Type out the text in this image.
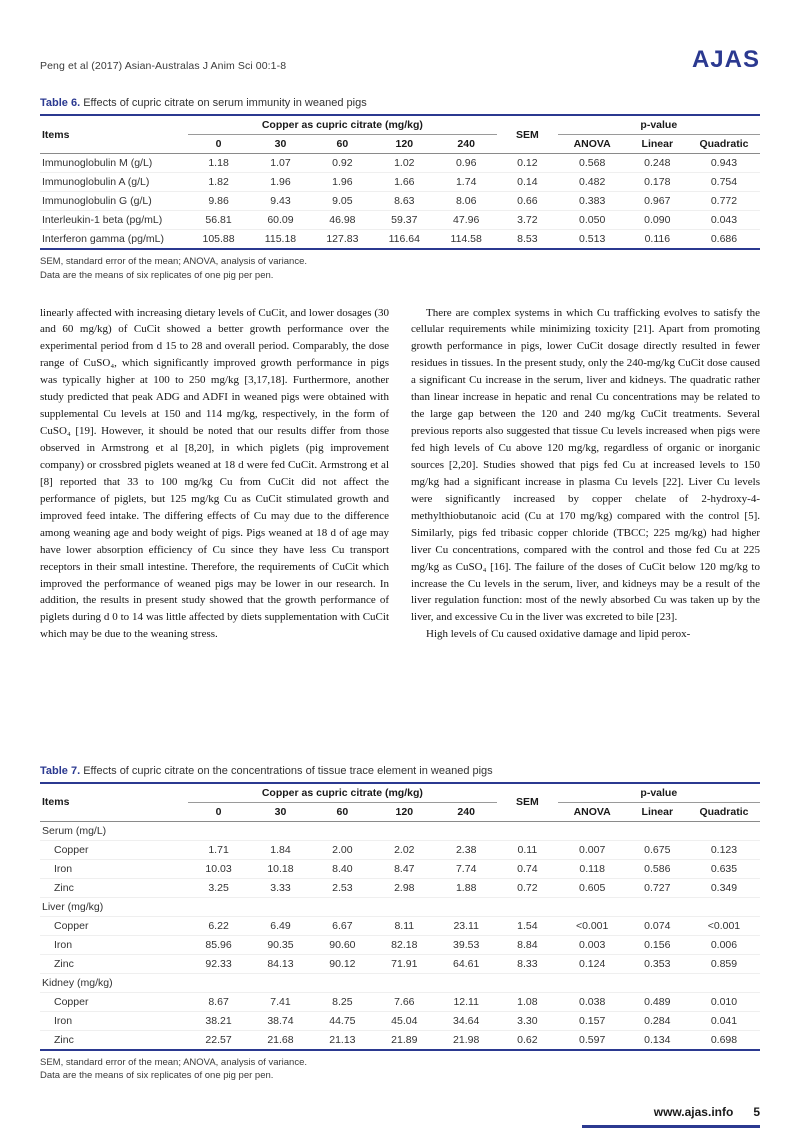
Peng et al (2017) Asian-Australas J Anim Sci 00:1-8	AJAS
Table 6. Effects of cupric citrate on serum immunity in weaned pigs
Items	Copper as cupric citrate (mg/kg)					SEM	p-value		
	0	30	60	120	240		ANOVA	Linear	Quadratic
Immunoglobulin M (g/L)	1.18	1.07	0.92	1.02	0.96	0.12	0.568	0.248	0.943
Immunoglobulin A (g/L)	1.82	1.96	1.96	1.66	1.74	0.14	0.482	0.178	0.754
Immunoglobulin G (g/L)	9.86	9.43	9.05	8.63	8.06	0.66	0.383	0.967	0.772
Interleukin-1 beta (pg/mL)	56.81	60.09	46.98	59.37	47.96	3.72	0.050	0.090	0.043
Interferon gamma (pg/mL)	105.88	115.18	127.83	116.64	114.58	8.53	0.513	0.116	0.686
SEM, standard error of the mean; ANOVA, analysis of variance.
Data are the means of six replicates of one pig per pen.

linearly affected with increasing dietary levels of CuCit, and lower dosages (30 and 60 mg/kg) of CuCit showed a better growth performance over the experimental period from d 15 to 28 and overall period. Comparably, the dose range of CuSO₄, which significantly improved growth performance in pigs was typically higher at 100 to 250 mg/kg [3,17,18]. Furthermore, another study predicted that peak ADG and ADFI in weaned pigs were obtained with supplemental Cu levels at 150 and 114 mg/kg, respectively, in the form of CuSO₄ [19]. However, it should be noted that our results differ from those observed in Armstrong et al [8,20], in which piglets (pig improvement company) or crossbred piglets weaned at 18 d were fed CuCit. Armstrong et al [8] reported that 33 to 100 mg/kg Cu from CuCit did not affect the performance of piglets, but 125 mg/kg Cu as CuCit stimulated growth and improved feed intake. The differing effects of Cu may due to the difference among weaning age and body weight of pigs. Pigs weaned at 18 d of age may have lower absorption efficiency of Cu since they have less Cu transport receptors in their small intestine. Therefore, the requirements of CuCit which improved the performance of weaned pigs may be lower in our research. In addition, the results in present study showed that the growth performance of piglets during d 0 to 14 was little affected by diets supplementation with CuCit which may be due to the weaning stress.

There are complex systems in which Cu trafficking evolves to satisfy the cellular requirements while minimizing toxicity [21]. Apart from promoting growth performance in pigs, lower CuCit dosage directly resulted in fewer residues in tissues. In the present study, only the 240-mg/kg CuCit dose caused a significant Cu increase in the serum, liver and kidneys. The quadratic rather than linear increase in hepatic and renal Cu concentrations may be related to the large gap between the 120 and 240 mg/kg CuCit treatments. Several previous reports also suggested that tissue Cu levels increased when pigs were fed high levels of Cu above 120 mg/kg, regardless of organic or inorganic sources [2,20]. Studies showed that pigs fed Cu at increased levels to 150 mg/kg had a significant increase in plasma Cu levels [22]. Liver Cu levels were significantly increased by copper chelate of 2-hydroxy-4-methylthiobutanoic acid (Cu at 170 mg/kg) compared with the control [5]. Similarly, pigs fed tribasic copper chloride (TBCC; 225 mg/kg) had higher liver Cu concentrations, compared with the control and those fed Cu at 225 mg/kg as CuSO₄ [16]. The failure of the doses of CuCit below 120 mg/kg to increase the Cu levels in the serum, liver, and kidneys may be a result of the liver regulation function: most of the newly absorbed Cu was taken up by the liver, and excessive Cu in the liver was excreted to bile [23].

High levels of Cu caused oxidative damage and lipid perox-

Table 7. Effects of cupric citrate on the concentrations of tissue trace element in weaned pigs
Items	Copper as cupric citrate (mg/kg)					SEM	p-value		
	0	30	60	120	240		ANOVA	Linear	Quadratic
Serum (mg/L)									
Copper	1.71	1.84	2.00	2.02	2.38	0.11	0.007	0.675	0.123
Iron	10.03	10.18	8.40	8.47	7.74	0.74	0.118	0.586	0.635
Zinc	3.25	3.33	2.53	2.98	1.88	0.72	0.605	0.727	0.349
Liver (mg/kg)									
Copper	6.22	6.49	6.67	8.11	23.11	1.54	<0.001	0.074	<0.001
Iron	85.96	90.35	90.60	82.18	39.53	8.84	0.003	0.156	0.006
Zinc	92.33	84.13	90.12	71.91	64.61	8.33	0.124	0.353	0.859
Kidney (mg/kg)									
Copper	8.67	7.41	8.25	7.66	12.11	1.08	0.038	0.489	0.010
Iron	38.21	38.74	44.75	45.04	34.64	3.30	0.157	0.284	0.041
Zinc	22.57	21.68	21.13	21.89	21.98	0.62	0.597	0.134	0.698
SEM, standard error of the mean; ANOVA, analysis of variance.
Data are the means of six replicates of one pig per pen.
www.ajas.info 5
